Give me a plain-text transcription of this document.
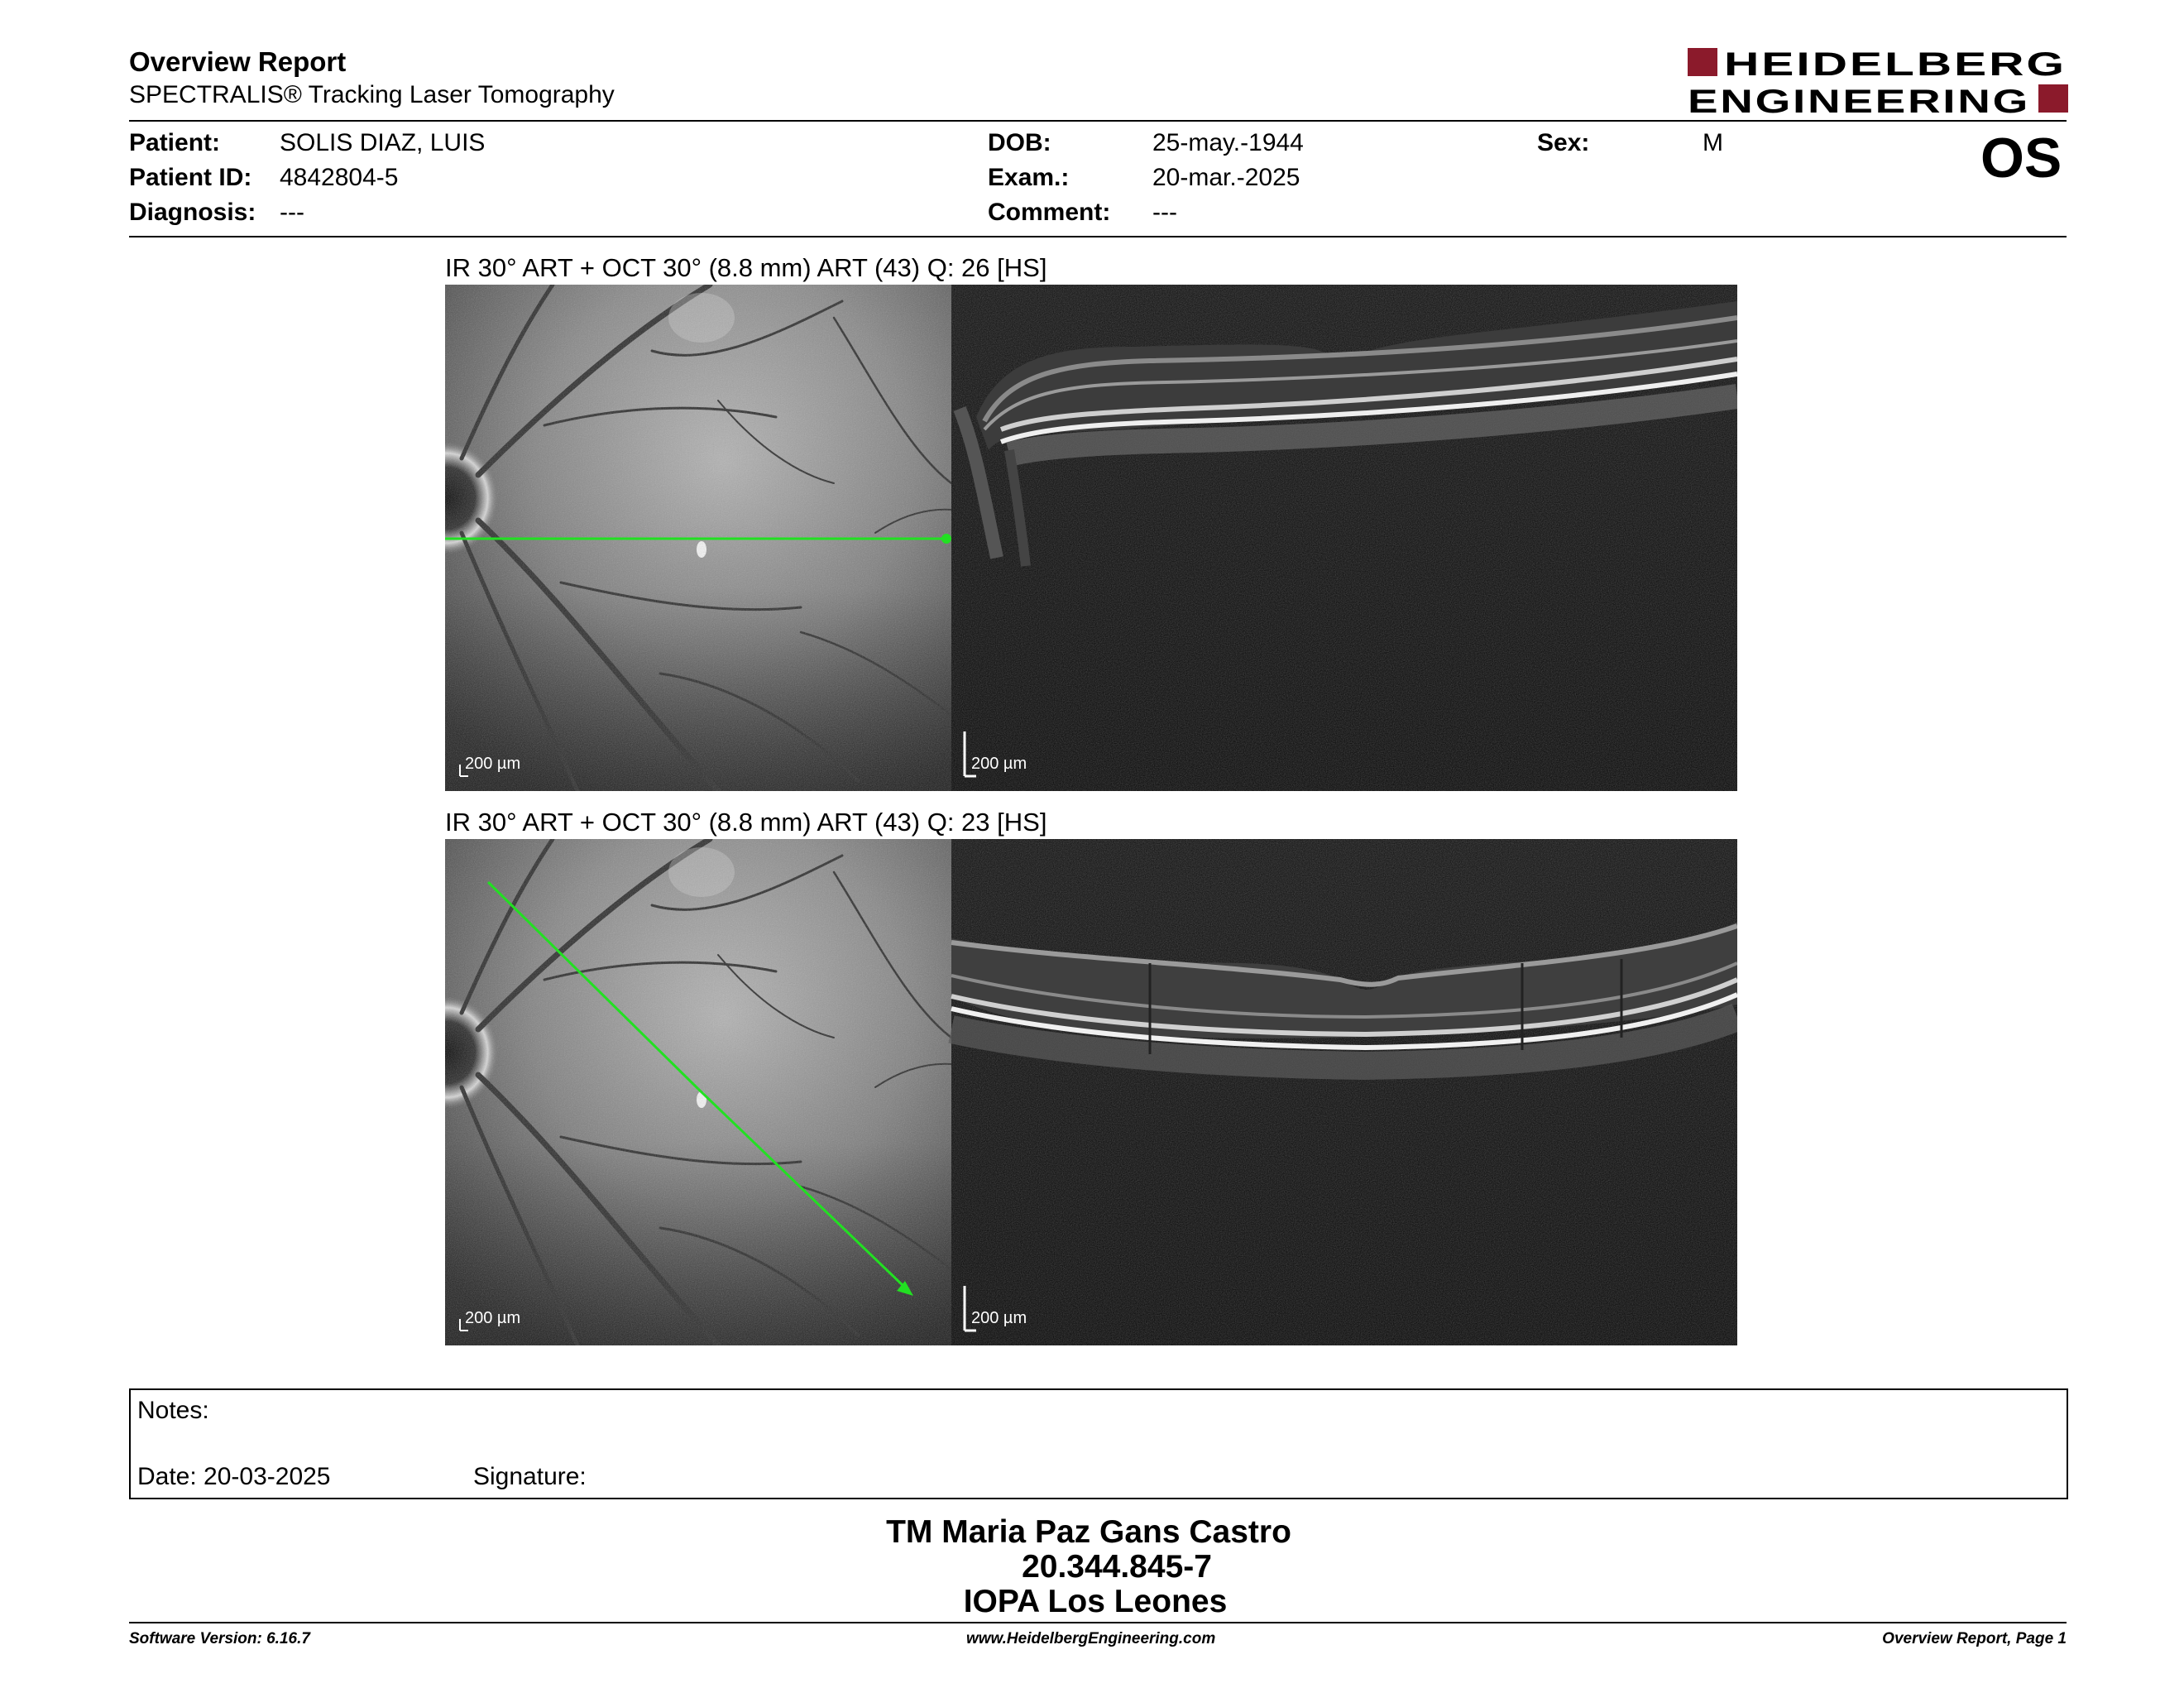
Overview Report
SPECTRALIS® Tracking Laser Tomography
HEIDELBERG
ENGINEERING
Patient: SOLIS DIAZ, LUIS
Patient ID: 4842804-5
Diagnosis: ---
DOB:	25-may.-1944
Exam.:	20-mar.-2025
Comment: ---
Sex:	M	OS
IR 30° ART + OCT 30° (8.8 mm) ART (43) Q: 26 [HS]
200 µm	200 µm
IR 30° ART + OCT 30° (8.8 mm) ART (43) Q: 23 [HS]
200 µm	200 µm
Notes:
Date: 20-03-2025	Signature:
TM Maria Paz Gans Castro
20.344.845-7
IOPA Los Leones
Software Version: 6.16.7	www.HeidelbergEngineering.com	Overview Report, Page 1
